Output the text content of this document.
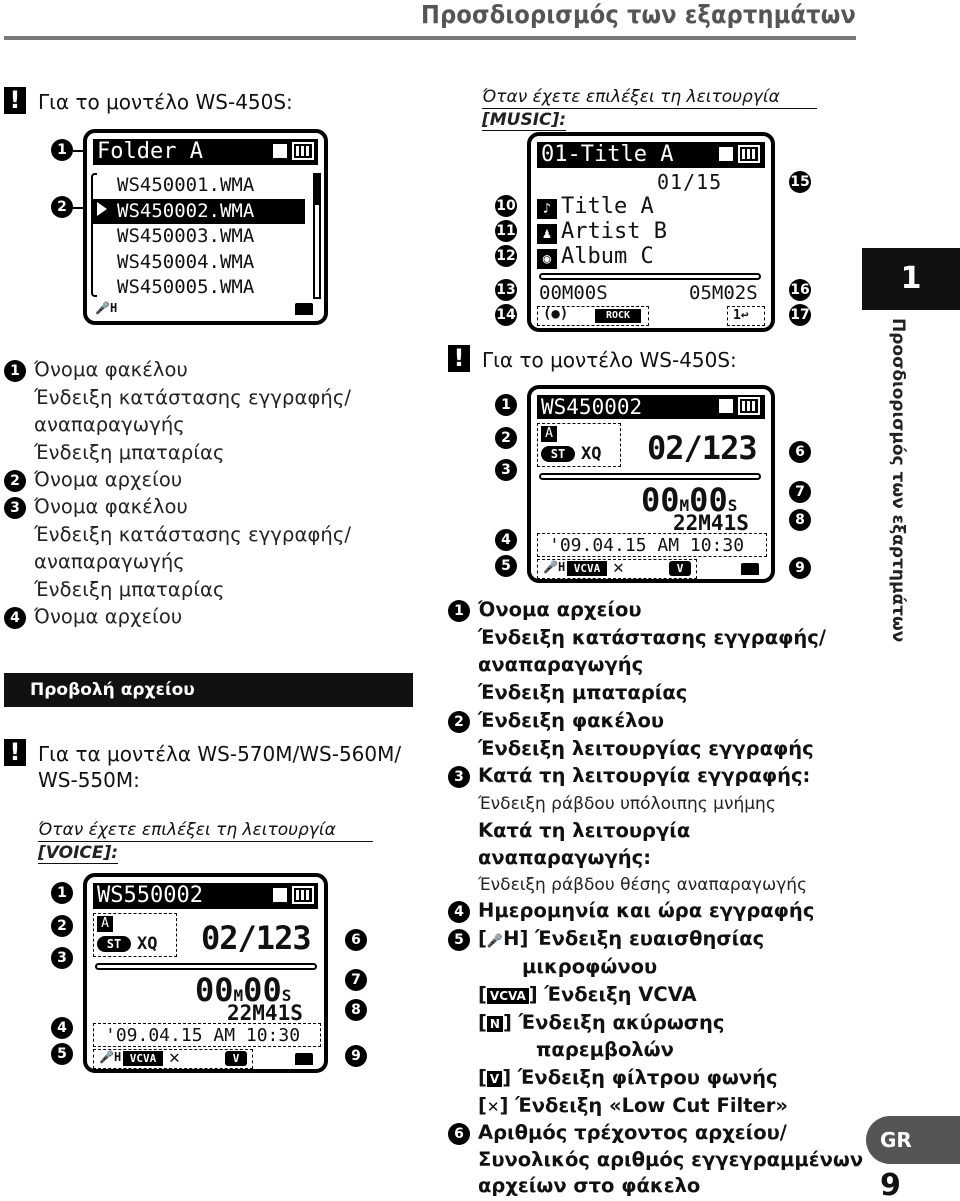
Προσδιορισμός των εξαρτημάτων
! Για το μοντέλο WS-450S:
1
2
Folder A
WS450001.WMA
WS450002.WMA
WS450003.WMA
WS450004.WMA
WS450005.WMA
🎤H
1 Όνομα φακέλου
Ένδειξη κατάστασης εγγραφής/
αναπαραγωγής
Ένδειξη μπαταρίας
2 Όνομα αρχείου
3 Όνομα φακέλου
Ένδειξη κατάστασης εγγραφής/
αναπαραγωγής
Ένδειξη μπαταρίας
4 Όνομα αρχείου
Προβολή αρχείου
! Για τα μοντέλα WS-570M/WS-560M/
WS-550M:
Όταν έχετε επιλέξει τη λειτουργία
[VOICE]:
WS550002
A
ST XQ 02/123
00M00S
22M41S
'09.04.15 AM 10:30
🎤H VCVA ✕	V
1
2
3
4
5
6
7
8
9
Όταν έχετε επιλέξει τη λειτουργία
[MUSIC]:
01-Title A
01/15
♪ Title A
♟ Artist B
◉ Album C
00M00S	05M02S
(●)	ROCK	1↩
10
11
12
13
14
15
16
17
! Για το μοντέλο WS-450S:
WS450002
A
ST XQ 02/123
00M00S
22M41S
'09.04.15 AM 10:30
🎤H VCVA ✕	V
1
2
3
4
5
6
7
8
9
1 Όνομα αρχείου
Ένδειξη κατάστασης εγγραφής/
αναπαραγωγής
Ένδειξη μπαταρίας
2 Ένδειξη φακέλου
Ένδειξη λειτουργίας εγγραφής
3 Κατά τη λειτουργία εγγραφής:
Ένδειξη ράβδου υπόλοιπης μνήμης
Κατά τη λειτουργία
αναπαραγωγής:
Ένδειξη ράβδου θέσης αναπαραγωγής
4 Ημερομηνία και ώρα εγγραφής
5 [🎤H] Ένδειξη ευαισθησίας
μικροφώνου
[ VCVA ] Ένδειξη VCVA
[ N ] Ένδειξη ακύρωσης
παρεμβολών
[ V ] Ένδειξη φίλτρου φωνής
[✕] Ένδειξη «Low Cut Filter»
6 Αριθμός τρέχοντος αρχείου/
Συνολικός αριθμός εγγεγραμμένων
αρχείων στο φάκελο
1
Προσδιορισμός των εξαρτημάτων
GR
9
